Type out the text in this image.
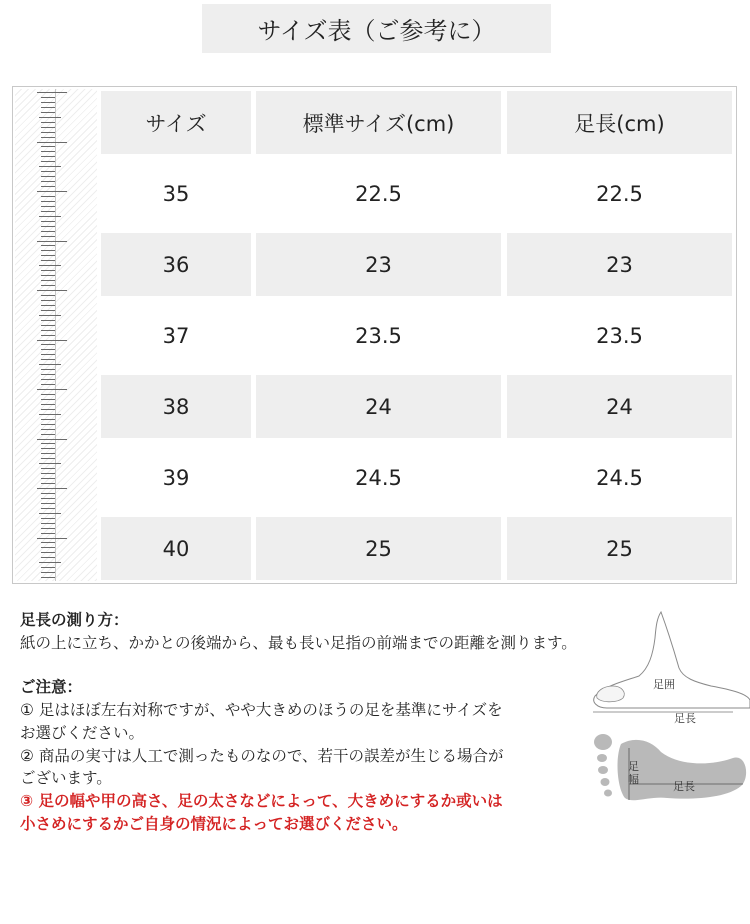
サイズ表（ご参考に）
サイズ	標準サイズ(cm)	足長(cm)
35	22.5	22.5
36	23	23
37	23.5	23.5
38	24	24
39	24.5	24.5
40	25	25
足長の測り方：
紙の上に立ち、かかとの後端から、最も長い足指の前端までの距離を測ります。
ご注意：
① 足はほぼ左右対称ですが、やや大きめのほうの足を基準にサイズを
お選びください。
② 商品の実寸は人工で測ったものなので、若干の誤差が生じる場合が
ございます。
③ 足の幅や甲の高さ、足の太さなどによって、大きめにするか或いは
小さめにするかご自身の情況によってお選びください。
足囲
足長
足幅
足長
